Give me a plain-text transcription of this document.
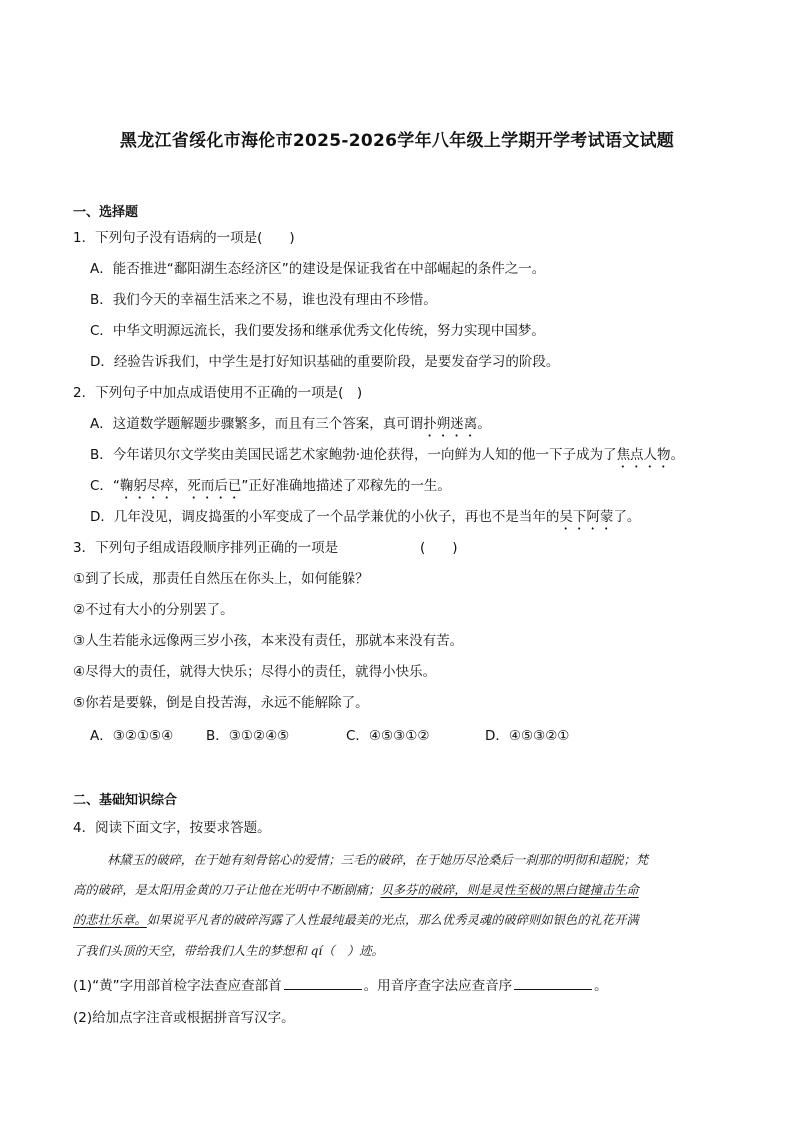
黑龙江省绥化市海伦市2025-2026学年八年级上学期开学考试语文试题
一、选择题
1．下列句子没有语病的一项是(　　)
A．能否推进“鄱阳湖生态经济区”的建设是保证我省在中部崛起的条件之一。
B．我们今天的幸福生活来之不易，谁也没有理由不珍惜。
C．中华文明源远流长，我们要发扬和继承优秀文化传统，努力实现中国梦。
D．经验告诉我们，中学生是打好知识基础的重要阶段，是要发奋学习的阶段。
2．下列句子中加点成语使用不正确的一项是(　)
A．这道数学题解题步骤繁多，而且有三个答案，真可谓扑朔迷离。
B．今年诺贝尔文学奖由美国民谣艺术家鲍勃·迪伦获得，一向鲜为人知的他一下子成为了焦点人物。
C．“鞠躬尽瘁，死而后已”正好准确地描述了邓稼先的一生。
D．几年没见，调皮捣蛋的小军变成了一个品学兼优的小伙子，再也不是当年的吴下阿蒙了。
3．下列句子组成语段顺序排列正确的一项是	(　　)
①到了长成，那责任自然压在你头上，如何能躲？
②不过有大小的分别罢了。
③人生若能永远像两三岁小孩，本来没有责任，那就本来没有苦。
④尽得大的责任，就得大快乐；尽得小的责任，就得小快乐。
⑤你若是要躲，倒是自投苦海，永远不能解除了。
A．③②①⑤④ B．③①②④⑤	C．④⑤③①②	D．④⑤③②①
二、基础知识综合
4．阅读下面文字，按要求答题。
林黛玉的破碎，在于她有刻骨铭心的爱情；三毛的破碎，在于她历尽沧桑后一刹那的明彻和超脱；梵
高的破碎，是太阳用金黄的刀子让他在光明中不断剧痛；贝多芬的破碎，则是灵性至极的黑白键撞击生命
的悲壮乐章。如果说平凡者的破碎泻露了人性最纯最美的光点，那么优秀灵魂的破碎则如银色的礼花开满
了我们头顶的天空，带给我们人生的梦想和 qí（　）迹。
(1)“黄”字用部首检字法查应查部首	。用音序查字法应查音序	。
(2)给加点字注音或根据拼音写汉字。
